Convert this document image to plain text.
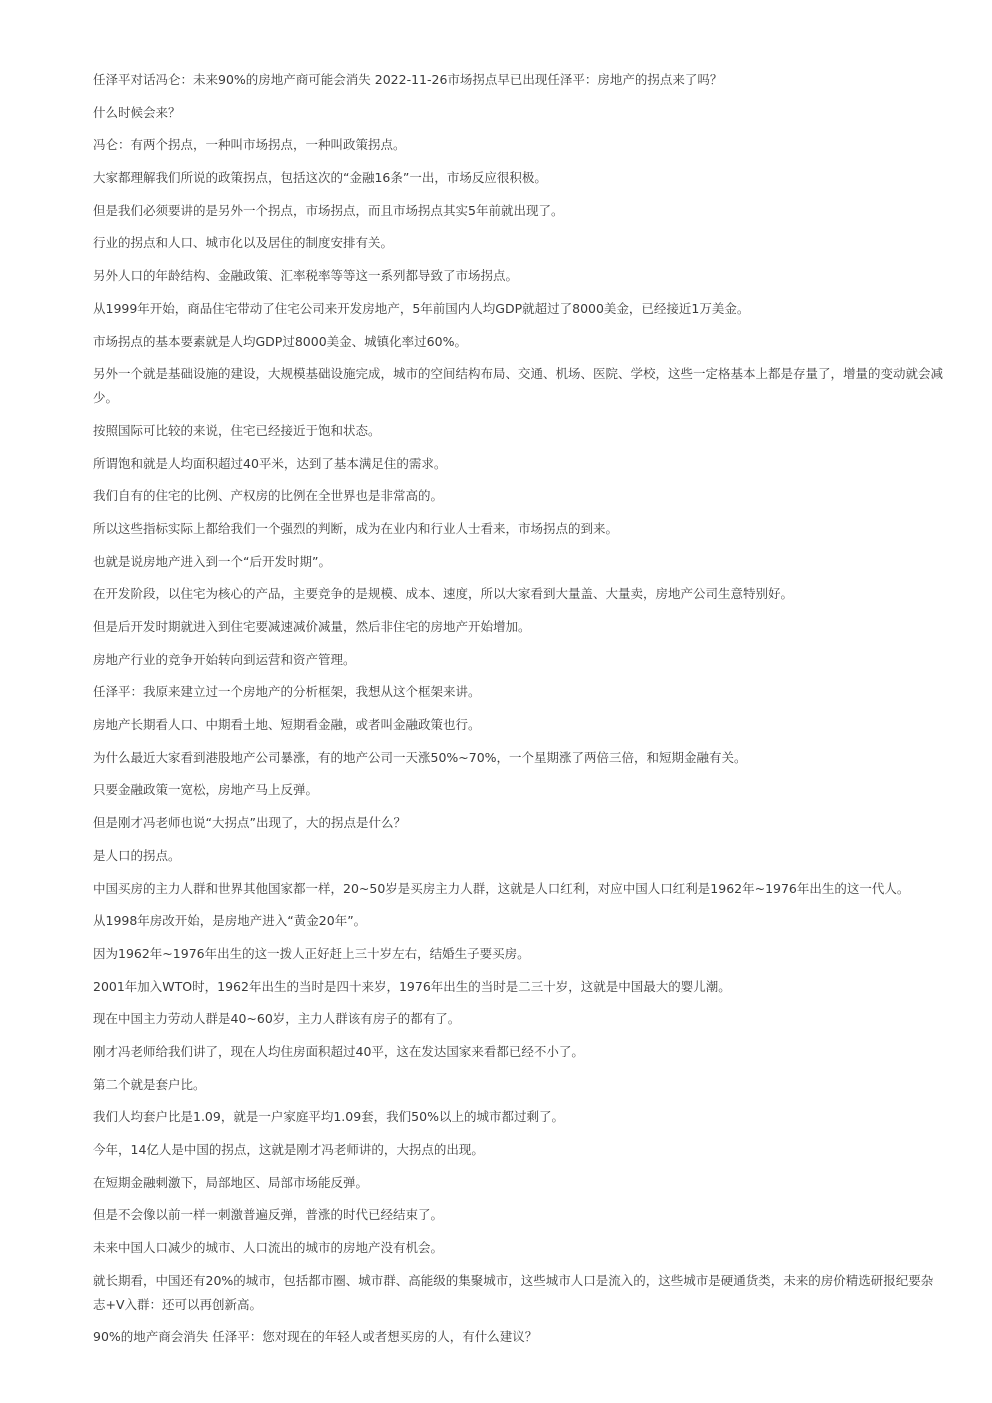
任泽平对话冯仑：未来90%的房地产商可能会消失 2022-11-26市场拐点早已出现任泽平：房地产的拐点来了吗？

什么时候会来？

冯仑：有两个拐点，一种叫市场拐点，一种叫政策拐点。

大家都理解我们所说的政策拐点，包括这次的“金融16条”一出，市场反应很积极。

但是我们必须要讲的是另外一个拐点，市场拐点，而且市场拐点其实5年前就出现了。

行业的拐点和人口、城市化以及居住的制度安排有关。

另外人口的年龄结构、金融政策、汇率税率等等这一系列都导致了市场拐点。

从1999年开始，商品住宅带动了住宅公司来开发房地产，5年前国内人均GDP就超过了8000美金，已经接近1万美金。

市场拐点的基本要素就是人均GDP过8000美金、城镇化率过60%。

另外一个就是基础设施的建设，大规模基础设施完成，城市的空间结构布局、交通、机场、医院、学校，这些一定格基本上都是存量了，增量的变动就会减少。

按照国际可比较的来说，住宅已经接近于饱和状态。

所谓饱和就是人均面积超过40平米，达到了基本满足住的需求。

我们自有的住宅的比例、产权房的比例在全世界也是非常高的。

所以这些指标实际上都给我们一个强烈的判断，成为在业内和行业人士看来，市场拐点的到来。

也就是说房地产进入到一个“后开发时期”。

在开发阶段，以住宅为核心的产品，主要竞争的是规模、成本、速度，所以大家看到大量盖、大量卖，房地产公司生意特别好。

但是后开发时期就进入到住宅要减速减价减量，然后非住宅的房地产开始增加。

房地产行业的竞争开始转向到运营和资产管理。

任泽平：我原来建立过一个房地产的分析框架，我想从这个框架来讲。

房地产长期看人口、中期看土地、短期看金融，或者叫金融政策也行。

为什么最近大家看到港股地产公司暴涨，有的地产公司一天涨50%~70%，一个星期涨了两倍三倍，和短期金融有关。

只要金融政策一宽松，房地产马上反弹。

但是刚才冯老师也说“大拐点”出现了，大的拐点是什么？

是人口的拐点。

中国买房的主力人群和世界其他国家都一样，20~50岁是买房主力人群，这就是人口红利，对应中国人口红利是1962年~1976年出生的这一代人。

从1998年房改开始，是房地产进入“黄金20年”。

因为1962年~1976年出生的这一拨人正好赶上三十岁左右，结婚生子要买房。

2001年加入WTO时，1962年出生的当时是四十来岁，1976年出生的当时是二三十岁，这就是中国最大的婴儿潮。

现在中国主力劳动人群是40~60岁，主力人群该有房子的都有了。

刚才冯老师给我们讲了，现在人均住房面积超过40平，这在发达国家来看都已经不小了。

第二个就是套户比。

我们人均套户比是1.09，就是一户家庭平均1.09套，我们50%以上的城市都过剩了。

今年，14亿人是中国的拐点，这就是刚才冯老师讲的，大拐点的出现。

在短期金融刺激下，局部地区、局部市场能反弹。

但是不会像以前一样一刺激普遍反弹，普涨的时代已经结束了。

未来中国人口减少的城市、人口流出的城市的房地产没有机会。

就长期看，中国还有20%的城市，包括都市圈、城市群、高能级的集聚城市，这些城市人口是流入的，这些城市是硬通货类，未来的房价精选研报纪要杂志+V入群：还可以再创新高。

90%的地产商会消失 任泽平：您对现在的年轻人或者想买房的人，有什么建议？
